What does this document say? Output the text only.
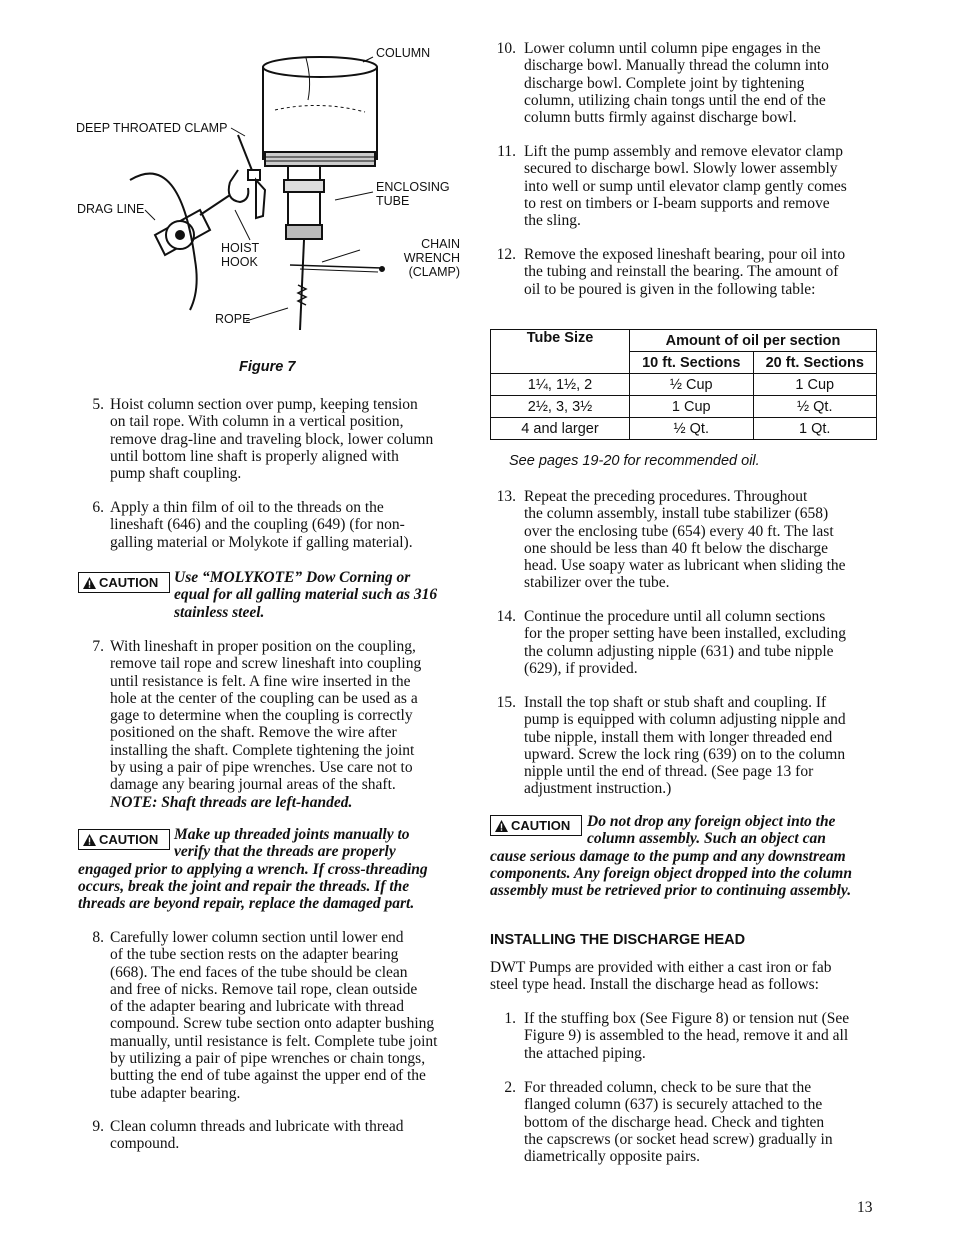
COLUMN
DEEP THROATED CLAMP
ENCLOSING
TUBE
DRAG LINE
HOIST
HOOK
CHAIN WRENCH
(CLAMP)
ROPE
Figure 7
5. Hoist column section over pump, keeping tension
on tail rope. With column in a vertical position,
remove drag-line and traveling block, lower column
until bottom line shaft is properly aligned with
pump shaft coupling.
6. Apply a thin film of oil to the threads on the
lineshaft (646) and the coupling (649) (for non-
galling material or Molykote if galling material).
CAUTION Use “MOLYKOTE” Dow Corning or
equal for all galling material such as 316
stainless steel.
7. With lineshaft in proper position on the coupling,
remove tail rope and screw lineshaft into coupling
until resistance is felt. A fine wire inserted in the
hole at the center of the coupling can be used as a
gage to determine when the coupling is correctly
positioned on the shaft. Remove the wire after
installing the shaft. Complete tightening the joint
by using a pair of pipe wrenches. Use care not to
damage any bearing journal areas of the shaft.
NOTE: Shaft threads are left-handed.
CAUTION Make up threaded joints manually to
verify that the threads are properly
engaged prior to applying a wrench. If cross-threading
occurs, break the joint and repair the threads. If the
threads are beyond repair, replace the damaged part.
8. Carefully lower column section until lower end
of the tube section rests on the adapter bearing
(668). The end faces of the tube should be clean
and free of nicks. Remove tail rope, clean outside
of the adapter bearing and lubricate with thread
compound. Screw tube section onto adapter bushing
manually, until resistance is felt. Complete tube joint
by utilizing a pair of pipe wrenches or chain tongs,
butting the end of tube against the upper end of the
tube adapter bearing.
9. Clean column threads and lubricate with thread
compound.
10. Lower column until column pipe engages in the
discharge bowl. Manually thread the column into
discharge bowl. Complete joint by tightening
column, utilizing chain tongs until the end of the
column butts firmly against discharge bowl.
11. Lift the pump assembly and remove elevator clamp
secured to discharge bowl. Slowly lower assembly
into well or sump until elevator clamp gently comes
to rest on timbers or I-beam supports and remove
the sling.
12. Remove the exposed lineshaft bearing, pour oil into
the tubing and reinstall the bearing. The amount of
oil to be poured is given in the following table:
Tube Size	Amount of oil per section	
	10 ft. Sections	20 ft. Sections
1¼, 1½, 2	½ Cup	1 Cup
2½, 3, 3½	1 Cup	½ Qt.
4 and larger	½ Qt.	1 Qt.
See pages 19-20 for recommended oil.
13. Repeat the preceding procedures. Throughout
the column assembly, install tube stabilizer (658)
over the enclosing tube (654) every 40 ft. The last
one should be less than 40 ft below the discharge
head. Use soapy water as lubricant when sliding the
stabilizer over the tube.
14. Continue the procedure until all column sections
for the proper setting have been installed, excluding
the column adjusting nipple (631) and tube nipple
(629), if provided.
15. Install the top shaft or stub shaft and coupling. If
pump is equipped with column adjusting nipple and
tube nipple, install them with longer threaded end
upward. Screw the lock ring (639) on to the column
nipple until the end of thread. (See page 13 for
adjustment instruction.)
CAUTION Do not drop any foreign object into the
column assembly. Such an object can
cause serious damage to the pump and any downstream
components. Any foreign object dropped into the column
assembly must be retrieved prior to continuing assembly.
INSTALLING THE DISCHARGE HEAD
DWT Pumps are provided with either a cast iron or fab
steel type head. Install the discharge head as follows:
1. If the stuffing box (See Figure 8) or tension nut (See
Figure 9) is assembled to the head, remove it and all
the attached piping.
2. For threaded column, check to be sure that the
flanged column (637) is securely attached to the
bottom of the discharge head. Check and tighten
the capscrews (or socket head screw) gradually in
diametrically opposite pairs.
13
